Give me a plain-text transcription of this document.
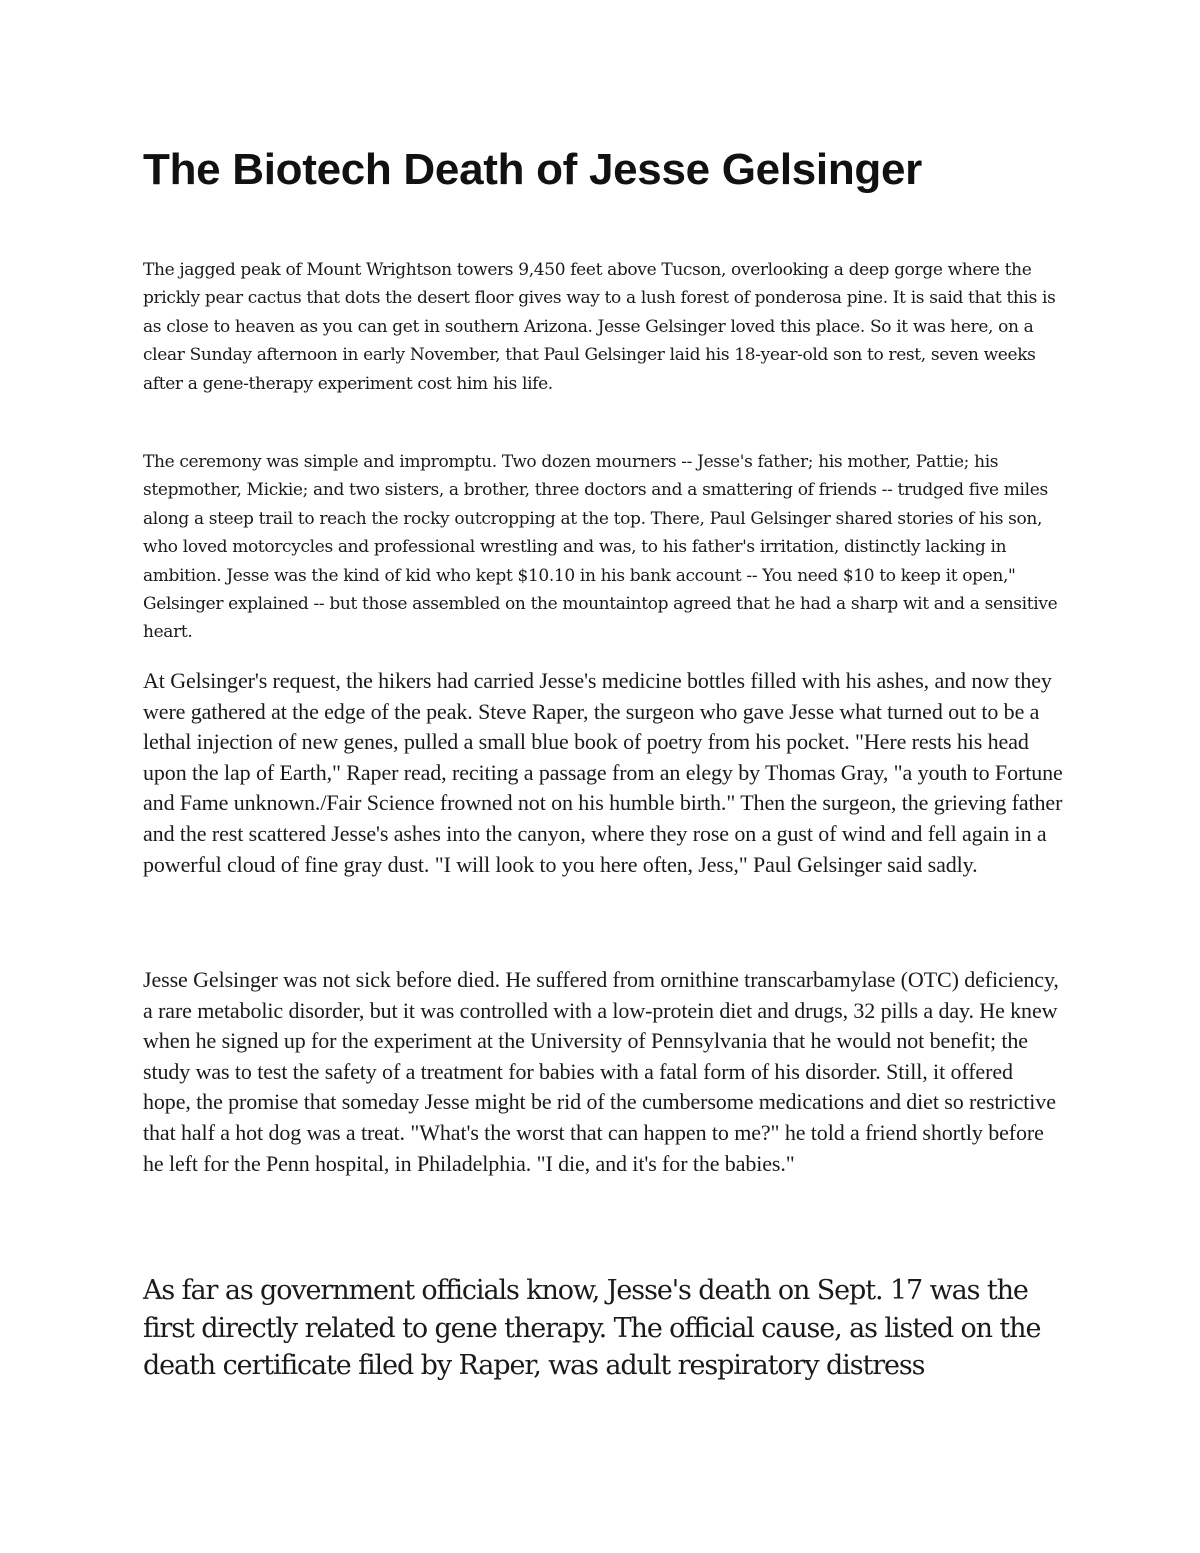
The Biotech Death of Jesse Gelsinger

The jagged peak of Mount Wrightson towers 9,450 feet above Tucson, overlooking a deep gorge where the prickly pear cactus that dots the desert floor gives way to a lush forest of ponderosa pine. It is said that this is as close to heaven as you can get in southern Arizona. Jesse Gelsinger loved this place. So it was here, on a clear Sunday afternoon in early November, that Paul Gelsinger laid his 18-year-old son to rest, seven weeks after a gene-therapy experiment cost him his life.

The ceremony was simple and impromptu. Two dozen mourners -- Jesse's father; his mother, Pattie; his stepmother, Mickie; and two sisters, a brother, three doctors and a smattering of friends -- trudged five miles along a steep trail to reach the rocky outcropping at the top. There, Paul Gelsinger shared stories of his son, who loved motorcycles and professional wrestling and was, to his father's irritation, distinctly lacking in ambition. Jesse was the kind of kid who kept $10.10 in his bank account -- You need $10 to keep it open," Gelsinger explained -- but those assembled on the mountaintop agreed that he had a sharp wit and a sensitive heart.

At Gelsinger's request, the hikers had carried Jesse's medicine bottles filled with his ashes, and now they were gathered at the edge of the peak. Steve Raper, the surgeon who gave Jesse what turned out to be a lethal injection of new genes, pulled a small blue book of poetry from his pocket. "Here rests his head upon the lap of Earth," Raper read, reciting a passage from an elegy by Thomas Gray, "a youth to Fortune and Fame unknown./Fair Science frowned not on his humble birth." Then the surgeon, the grieving father and the rest scattered Jesse's ashes into the canyon, where they rose on a gust of wind and fell again in a powerful cloud of fine gray dust. "I will look to you here often, Jess," Paul Gelsinger said sadly.

Jesse Gelsinger was not sick before died. He suffered from ornithine transcarbamylase (OTC) deficiency, a rare metabolic disorder, but it was controlled with a low-protein diet and drugs, 32 pills a day. He knew when he signed up for the experiment at the University of Pennsylvania that he would not benefit; the study was to test the safety of a treatment for babies with a fatal form of his disorder. Still, it offered hope, the promise that someday Jesse might be rid of the cumbersome medications and diet so restrictive that half a hot dog was a treat. "What's the worst that can happen to me?" he told a friend shortly before he left for the Penn hospital, in Philadelphia. "I die, and it's for the babies."

As far as government officials know, Jesse's death on Sept. 17 was the first directly related to gene therapy. The official cause, as listed on the death certificate filed by Raper, was adult respiratory distress
